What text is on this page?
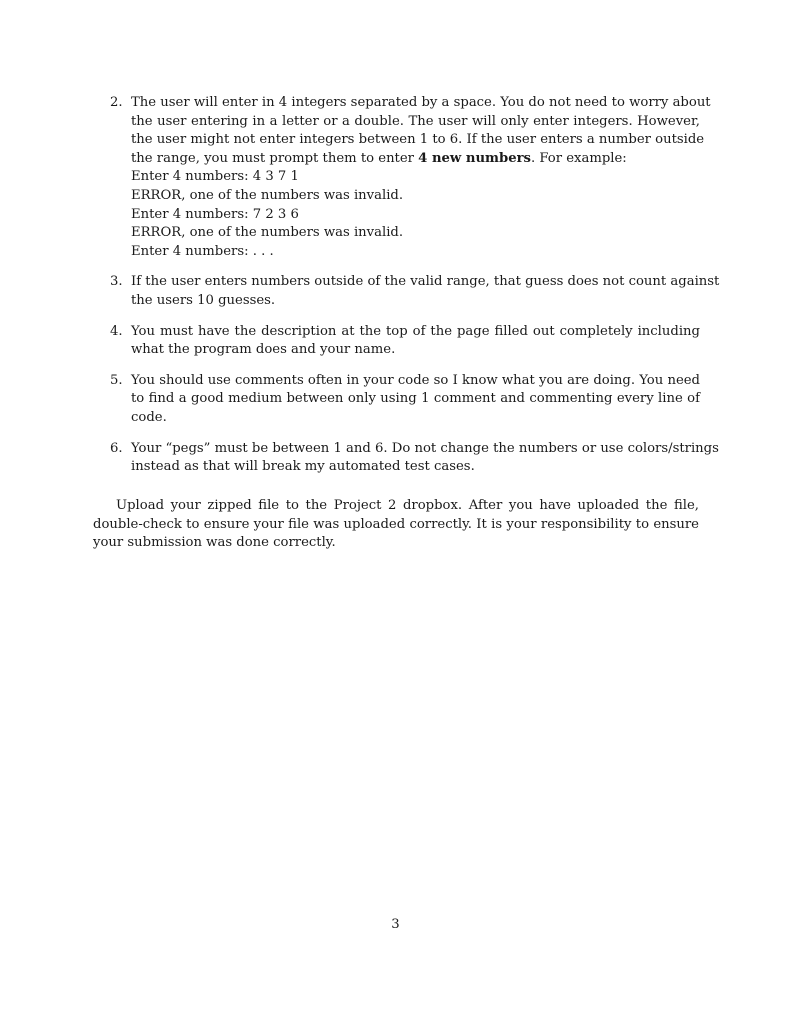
2. The user will enter in 4 integers separated by a space. You do not need to worry about
the user entering in a letter or a double. The user will only enter integers. However,
the user might not enter integers between 1 to 6. If the user enters a number outside
the range, you must prompt them to enter 4 new numbers. For example:
Enter 4 numbers: 4 3 7 1
ERROR, one of the numbers was invalid.
Enter 4 numbers: 7 2 3 6
ERROR, one of the numbers was invalid.
Enter 4 numbers: . . .
3. If the user enters numbers outside of the valid range, that guess does not count against
the users 10 guesses.
4. You must have the description at the top of the page filled out completely including
what the program does and your name.
5. You should use comments often in your code so I know what you are doing. You need
to find a good medium between only using 1 comment and commenting every line of
code.
6. Your “pegs” must be between 1 and 6. Do not change the numbers or use colors/strings
instead as that will break my automated test cases.
Upload your zipped file to the Project 2 dropbox. After you have uploaded the file,
double-check to ensure your file was uploaded correctly. It is your responsibility to ensure
your submission was done correctly.
3
